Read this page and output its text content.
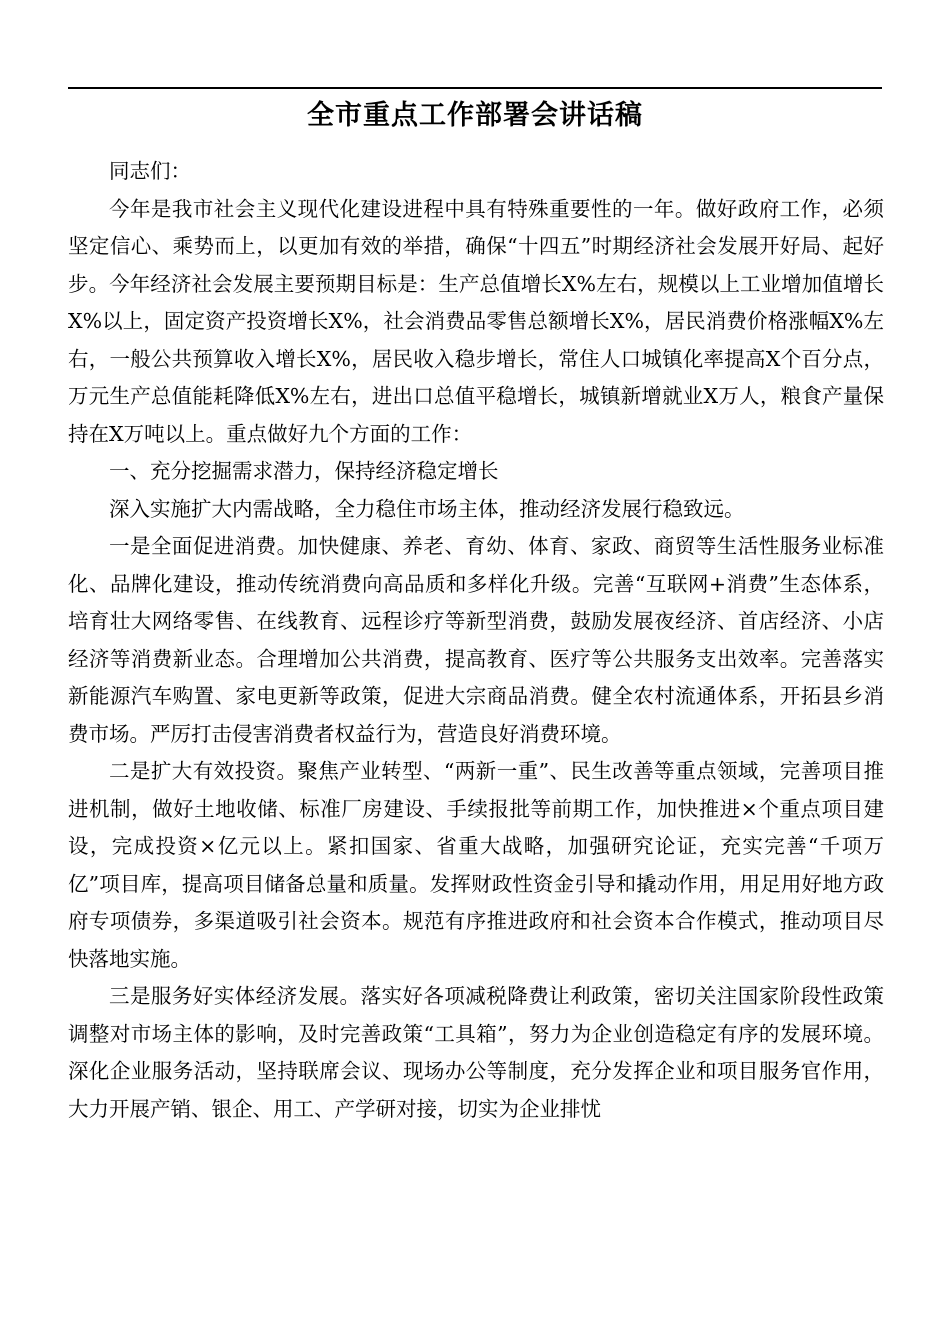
全市重点工作部署会讲话稿

同志们：

今年是我市社会主义现代化建设进程中具有特殊重要性的一年。做好政府工作，必须坚定信心、乘势而上，以更加有效的举措，确保“十四五”时期经济社会发展开好局、起好步。今年经济社会发展主要预期目标是：生产总值增长X%左右，规模以上工业增加值增长X%以上，固定资产投资增长X%，社会消费品零售总额增长X%，居民消费价格涨幅X%左右，一般公共预算收入增长X%，居民收入稳步增长，常住人口城镇化率提高X个百分点，万元生产总值能耗降低X%左右，进出口总值平稳增长，城镇新增就业X万人，粮食产量保持在X万吨以上。重点做好九个方面的工作：

一、充分挖掘需求潜力，保持经济稳定增长

深入实施扩大内需战略，全力稳住市场主体，推动经济发展行稳致远。

一是全面促进消费。加快健康、养老、育幼、体育、家政、商贸等生活性服务业标准化、品牌化建设，推动传统消费向高品质和多样化升级。完善“互联网+消费”生态体系，培育壮大网络零售、在线教育、远程诊疗等新型消费，鼓励发展夜经济、首店经济、小店经济等消费新业态。合理增加公共消费，提高教育、医疗等公共服务支出效率。完善落实新能源汽车购置、家电更新等政策，促进大宗商品消费。健全农村流通体系，开拓县乡消费市场。严厉打击侵害消费者权益行为，营造良好消费环境。

二是扩大有效投资。聚焦产业转型、“两新一重”、民生改善等重点领域，完善项目推进机制，做好土地收储、标准厂房建设、手续报批等前期工作，加快推进×个重点项目建设，完成投资×亿元以上。紧扣国家、省重大战略，加强研究论证，充实完善“千项万亿”项目库，提高项目储备总量和质量。发挥财政性资金引导和撬动作用，用足用好地方政府专项债券，多渠道吸引社会资本。规范有序推进政府和社会资本合作模式，推动项目尽快落地实施。

三是服务好实体经济发展。落实好各项减税降费让利政策，密切关注国家阶段性政策调整对市场主体的影响，及时完善政策“工具箱”，努力为企业创造稳定有序的发展环境。深化企业服务活动，坚持联席会议、现场办公等制度，充分发挥企业和项目服务官作用，大力开展产销、银企、用工、产学研对接，切实为企业排忧
